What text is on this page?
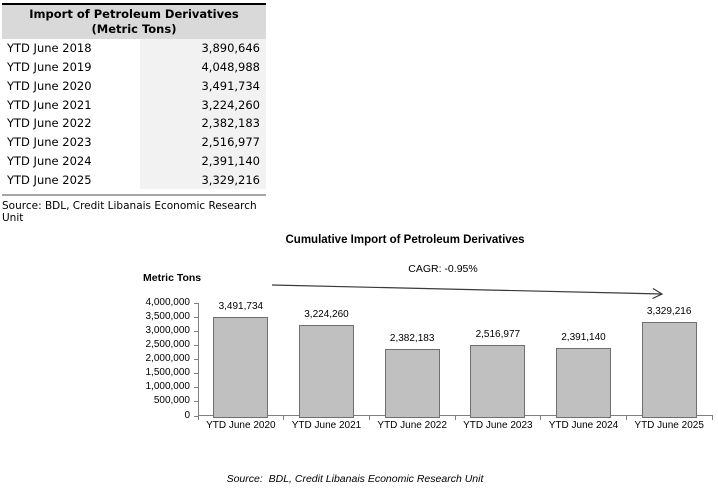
Import of Petroleum Derivatives
(Metric Tons)
YTD June 2018	3,890,646
YTD June 2019	4,048,988
YTD June 2020	3,491,734
YTD June 2021	3,224,260
YTD June 2022	2,382,183
YTD June 2023	2,516,977
YTD June 2024	2,391,140
YTD June 2025	3,329,216
Source: BDL, Credit Libanais Economic Research Unit
Cumulative Import of Petroleum Derivatives
Metric Tons
CAGR: -0.95%
0
500,000
1,000,000
1,500,000
2,000,000
2,500,000
3,000,000
3,500,000
4,000,000	3,491,734
YTD June 2020
3,224,260
YTD June 2021
2,382,183
YTD June 2022
2,516,977
YTD June 2023
2,391,140
YTD June 2024
3,329,216
YTD June 2025
Source:  BDL, Credit Libanais Economic Research Unit
